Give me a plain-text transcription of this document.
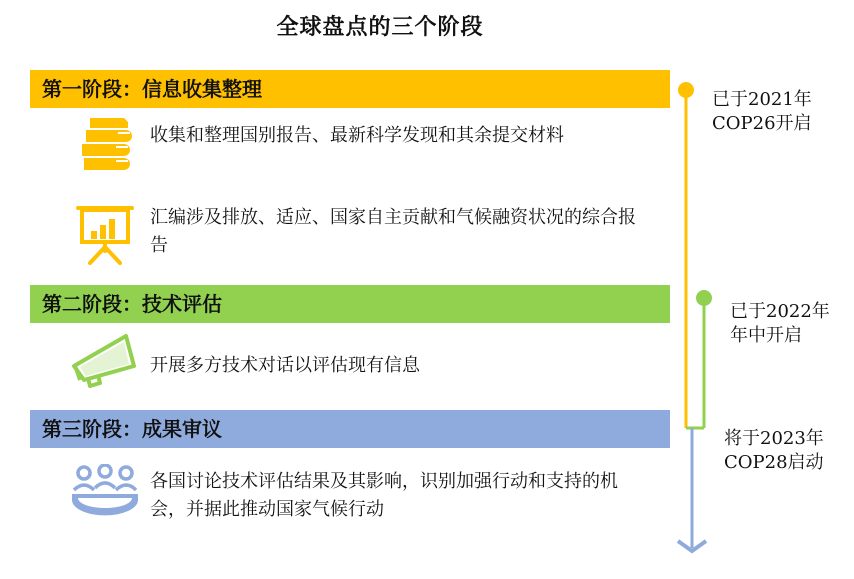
全球盘点的三个阶段
第一阶段：信息收集整理
收集和整理国别报告、最新科学发现和其余提交材料
汇编涉及排放、适应、国家自主贡献和气候融资状况的综合报告
第二阶段：技术评估
开展多方技术对话以评估现有信息
第三阶段：成果审议
各国讨论技术评估结果及其影响，识别加强行动和支持的机会，并据此推动国家气候行动
已于2021年
COP26开启
已于2022年
年中开启
将于2023年
COP28启动
